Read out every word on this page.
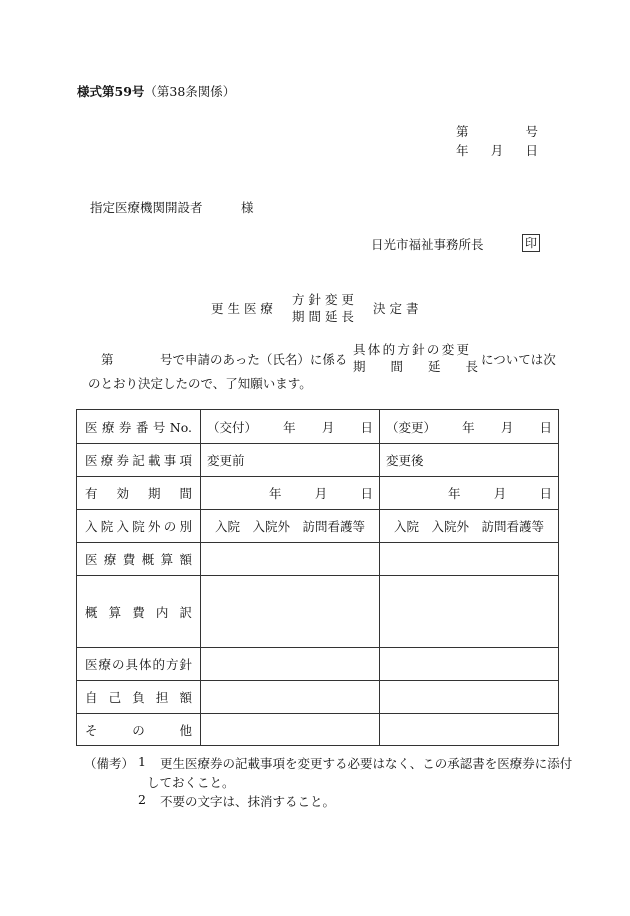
様式第59号（第38条関係）
第	号
年 月 日
指定医療機関開設者	様
日光市福祉事務所長	印
更 生 医 療
方 針 変 更
期 間 延 長
決 定 書
第	号で申請のあった（氏名）に係る
具体的方針の変更
期　　間　　延　　長 については次
のとおり決定したので、了知願います。
医療券番号No.	（交付） 年 月 日	（変更） 年 月 日

医療券記載事項	変更前	変更後
有効期間	年 月 日	年 月 日

入院入院外の別	入院　入院外　訪問看護等	入院　入院外　訪問看護等
医療費概算額		
概算費内訳		
医療の具体的方針		
自己負担額		
その他		
（備考） 1 更生医療券の記載事項を変更する必要はなく、この承認書を医療券に添付
しておくこと。
2 不要の文字は、抹消すること。
